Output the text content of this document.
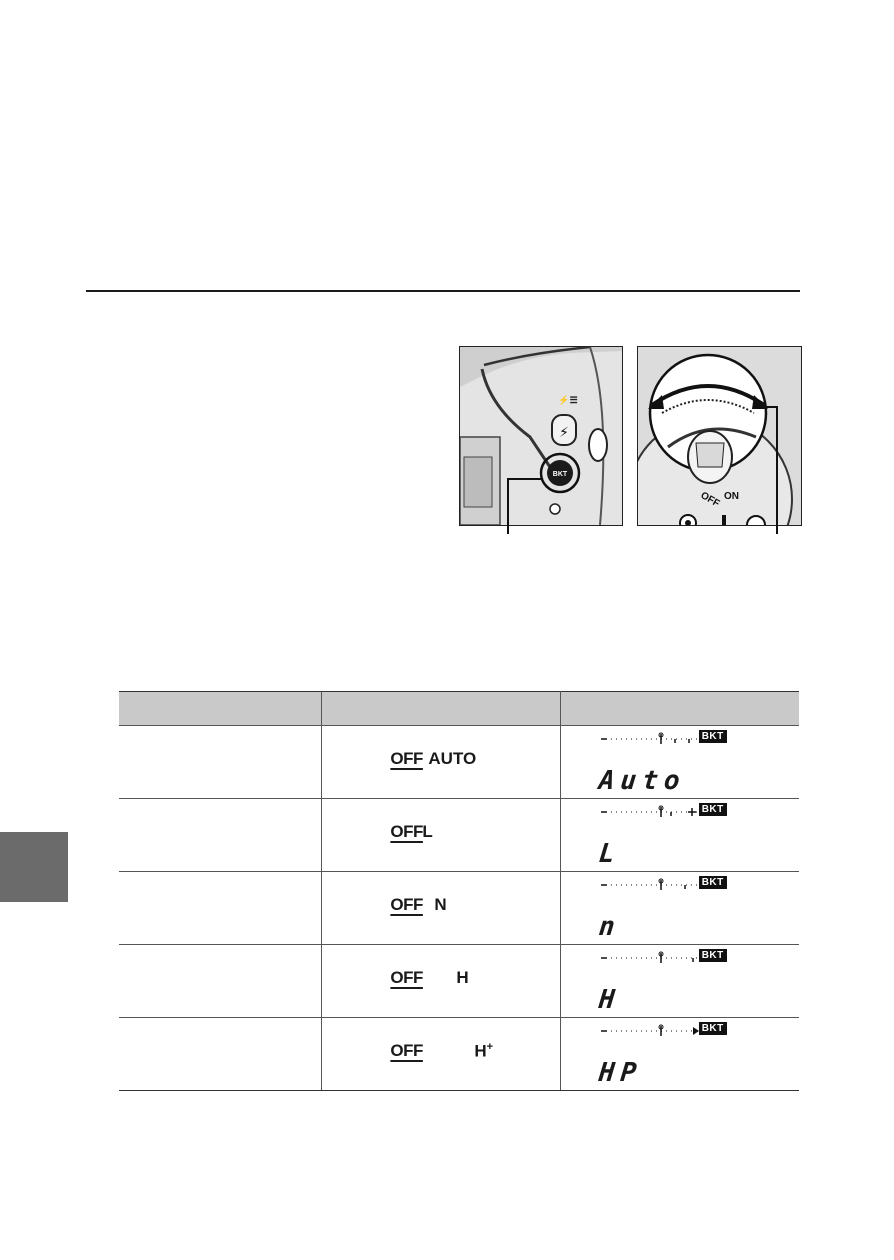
⚡
⚡☰
BKT
OFF ON

	OFF AUTO	BKT
Auto

	OFF L	BKT
L

	OFF N	BKT
n

	OFF H	BKT
H

	OFF H+	BKT
HP
